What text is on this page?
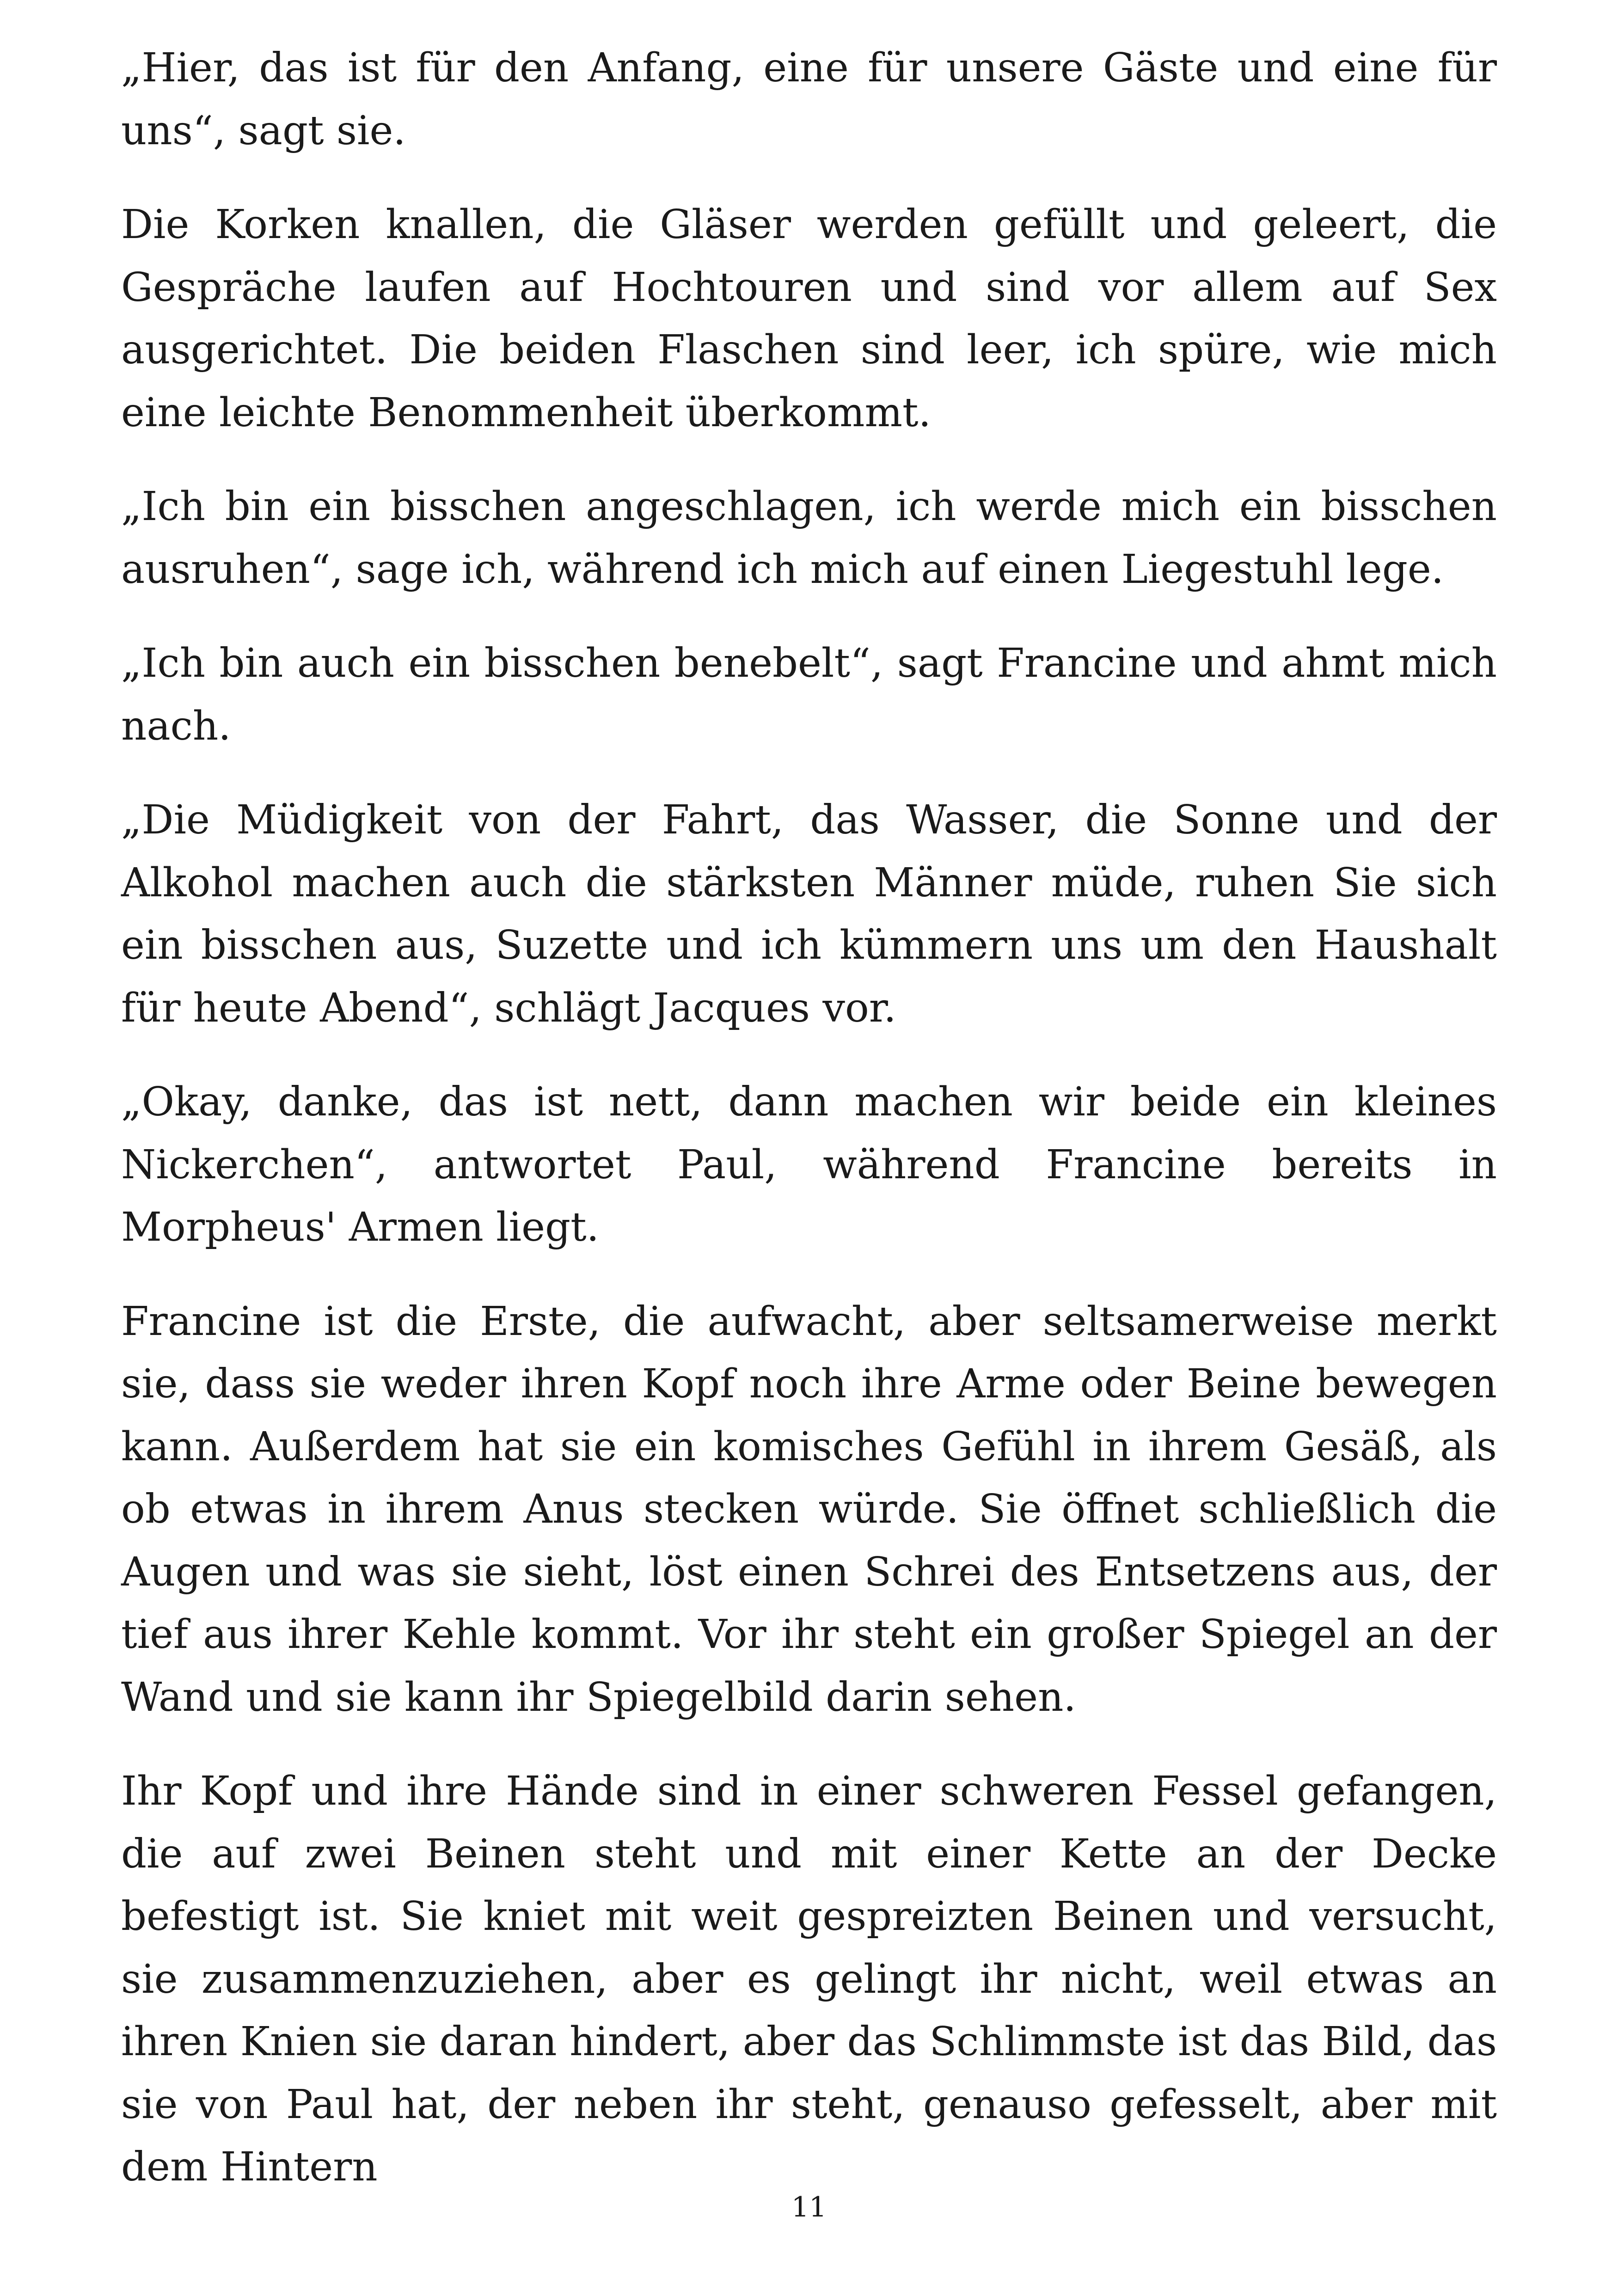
„Hier, das ist für den Anfang, eine für unsere Gäste und eine für uns“, sagt sie.

Die Korken knallen, die Gläser werden gefüllt und geleert, die Gespräche laufen auf Hochtouren und sind vor allem auf Sex ausgerichtet. Die beiden Flaschen sind leer, ich spüre, wie mich eine leichte Benommenheit überkommt.

„Ich bin ein bisschen angeschlagen, ich werde mich ein bisschen ausruhen“, sage ich, während ich mich auf einen Liegestuhl lege.

„Ich bin auch ein bisschen benebelt“, sagt Francine und ahmt mich nach.

„Die Müdigkeit von der Fahrt, das Wasser, die Sonne und der Alkohol machen auch die stärksten Männer müde, ruhen Sie sich ein bisschen aus, Suzette und ich kümmern uns um den Haushalt für heute Abend“, schlägt Jacques vor.

„Okay, danke, das ist nett, dann machen wir beide ein kleines Nickerchen“, antwortet Paul, während Francine bereits in Morpheus' Armen liegt.

Francine ist die Erste, die aufwacht, aber seltsamerweise merkt sie, dass sie weder ihren Kopf noch ihre Arme oder Beine bewegen kann. Außerdem hat sie ein komisches Gefühl in ihrem Gesäß, als ob etwas in ihrem Anus stecken würde. Sie öffnet schließlich die Augen und was sie sieht, löst einen Schrei des Entsetzens aus, der tief aus ihrer Kehle kommt. Vor ihr steht ein großer Spiegel an der Wand und sie kann ihr Spiegelbild darin sehen.

Ihr Kopf und ihre Hände sind in einer schweren Fessel gefangen, die auf zwei Beinen steht und mit einer Kette an der Decke befestigt ist. Sie kniet mit weit gespreizten Beinen und versucht, sie zusammenzuziehen, aber es gelingt ihr nicht, weil etwas an ihren Knien sie daran hindert, aber das Schlimmste ist das Bild, das sie von Paul hat, der neben ihr steht, genauso gefesselt, aber mit dem Hintern

11
